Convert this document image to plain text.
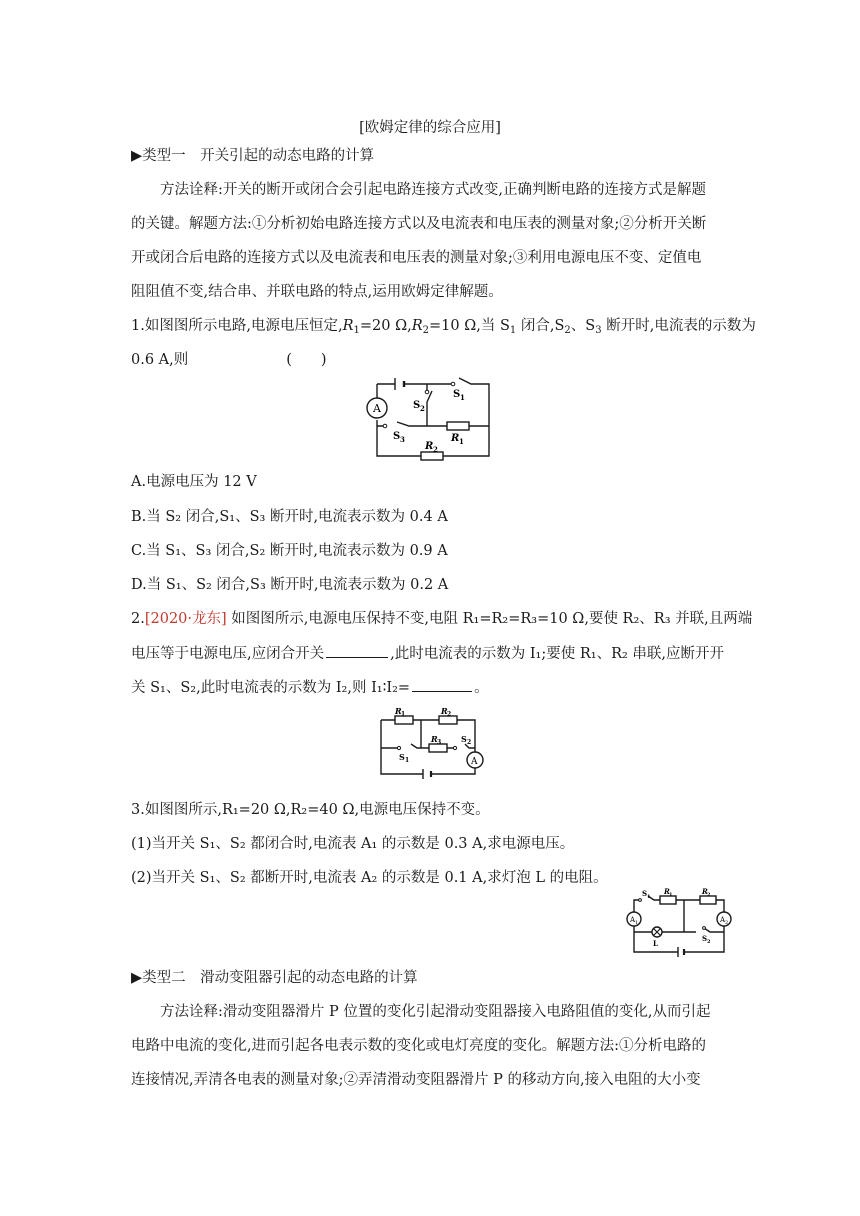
[欧姆定律的综合应用]
▶类型一　开关引起的动态电路的计算
方法诠释:开关的断开或闭合会引起电路连接方式改变,正确判断电路的连接方式是解题
的关键。解题方法:①分析初始电路连接方式以及电流表和电压表的测量对象;②分析开关断
开或闭合后电路的连接方式以及电流表和电压表的测量对象;③利用电源电压不变、定值电
阻阻值不变,结合串、并联电路的特点,运用欧姆定律解题。
1.如图图所示电路,电源电压恒定$,R_1=20$ $\Omega,R_2=10$ Ω,当 $S_1$ 闭合$,S_2$、$S_3$ 断开时,电流表的示数为
0.6 A,则	(　　)
A
S 1
S 2
S 3	R 1
R 2
A.电源电压为 12 V
B.当 S₂ 闭合,S₁、S₃ 断开时,电流表示数为 0.4 A
C.当 S₁、S₃ 闭合,S₂ 断开时,电流表示数为 0.9 A
D.当 S₁、S₂ 闭合,S₃ 断开时,电流表示数为 0.2 A
2.[2020·龙东] 如图图所示,电源电压保持不变,电阻 R₁=R₂=R₃=10 Ω,要使 R₂、R₃ 并联,且两端
电压等于电源电压,应闭合开关	,此时电流表的示数为 I₁;要使 R₁、R₂ 串联,应断开开
关 S₁、S₂,此时电流表的示数为 I₂,则 I₁∶I₂=	。
A
R 1	R 2
R 3
S 1
S 2
3.如图图所示,R₁=20 Ω,R₂=40 Ω,电源电压保持不变。
(1)当开关 S₁、S₂ 都闭合时,电流表 A₁ 的示数是 0.3 A,求电源电压。
(2)当开关 S₁、S₂ 都断开时,电流表 A₂ 的示数是 0.1 A,求灯泡 L 的电阻。
A 1	A 2
S 1
R 1	R 2
L
S 2
▶类型二　滑动变阻器引起的动态电路的计算
方法诠释:滑动变阻器滑片 P 位置的变化引起滑动变阻器接入电路阻值的变化,从而引起
电路中电流的变化,进而引起各电表示数的变化或电灯亮度的变化。解题方法:①分析电路的
连接情况,弄清各电表的测量对象;②弄清滑动变阻器滑片 P 的移动方向,接入电阻的大小变
